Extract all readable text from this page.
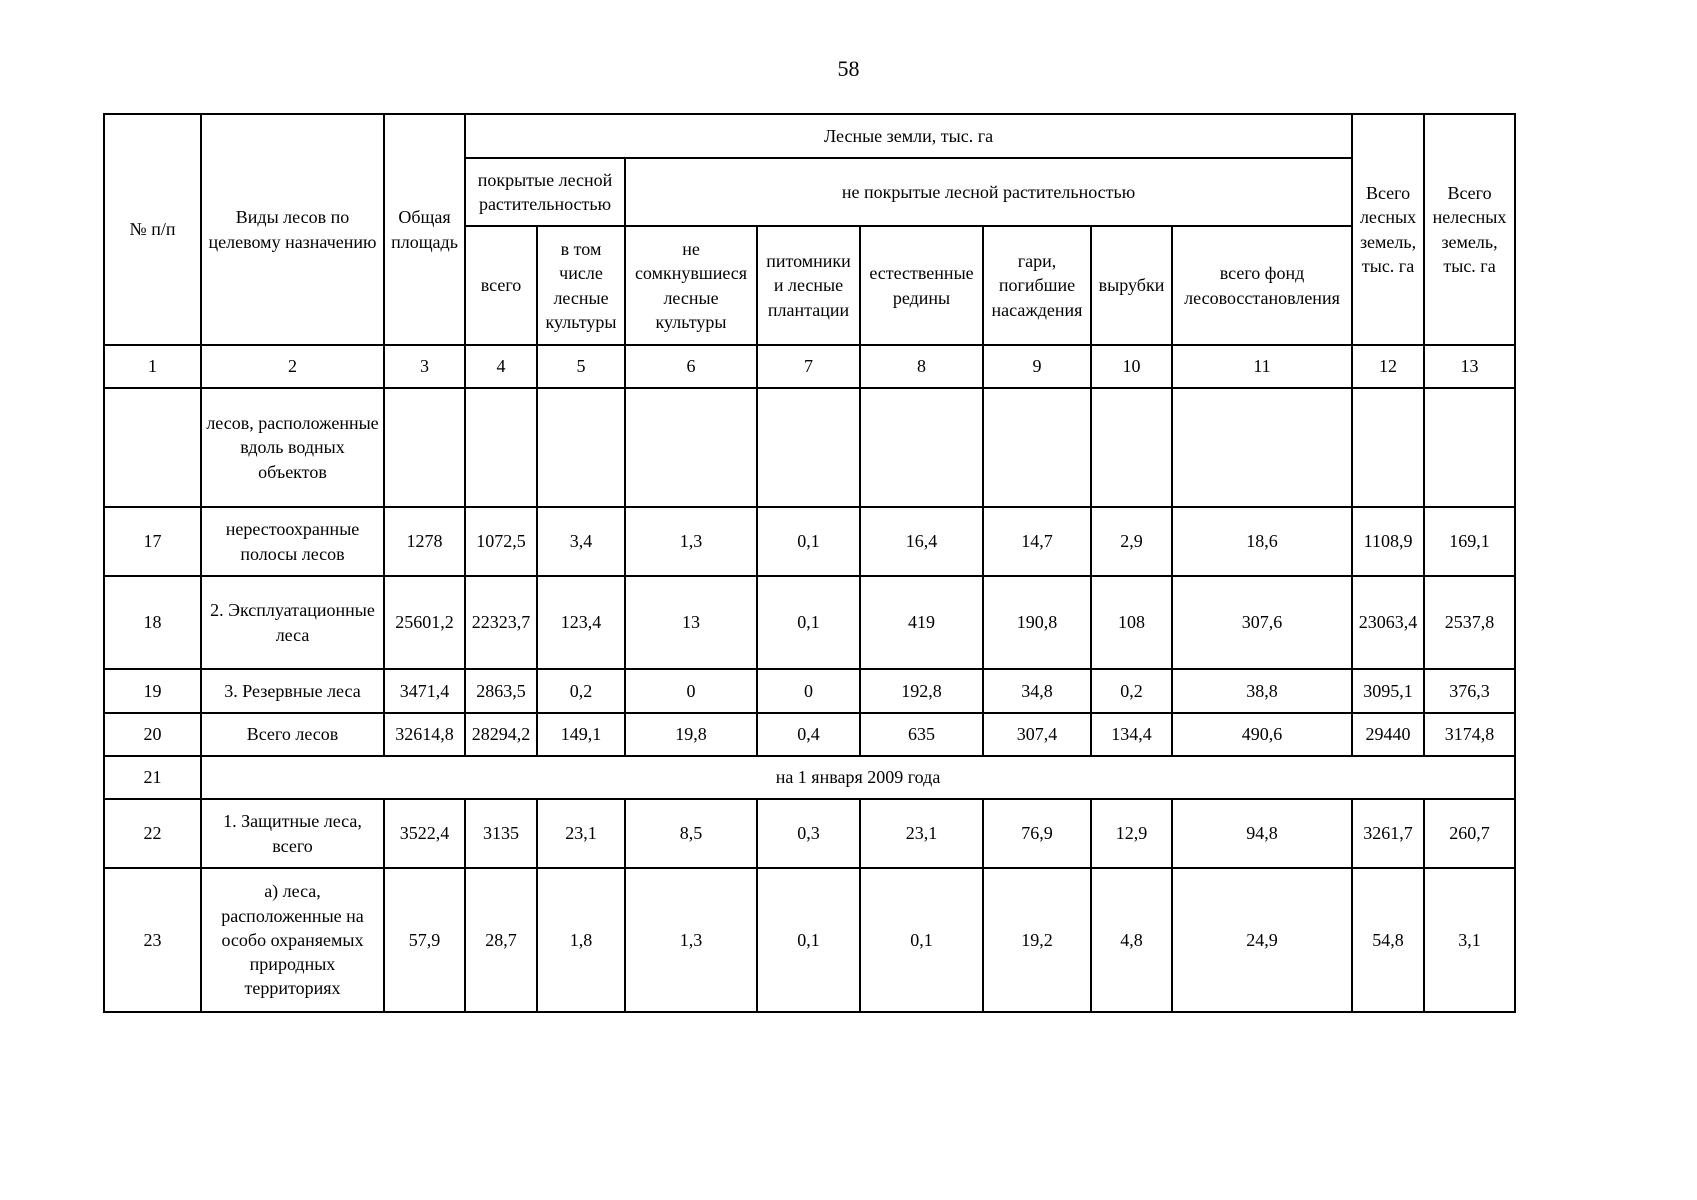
58
№ п/п	Виды лесов по целевому назначению	Общая площадь	Лесные земли, тыс. га								Всего лесных земель, тыс. га	Всего нелесных земель, тыс. га
			покрытые лесной растительностью		не покрытые лесной растительностью							
			всего	в том числе лесные культуры	не сомкнувшиеся лесные культуры	питомники и лесные плантации	естественные редины	гари, погибшие насаждения	вырубки	всего фонд лесовосстановления		
1	2	3	4	5	6	7	8	9	10	11	12	13
	лесов, расположенные вдоль водных объектов											
17	нерестоохранные полосы лесов	1278	1072,5	3,4	1,3	0,1	16,4	14,7	2,9	18,6	1108,9	169,1
18	2. Эксплуатационные леса	25601,2	22323,7	123,4	13	0,1	419	190,8	108	307,6	23063,4	2537,8
19	3. Резервные леса	3471,4	2863,5	0,2	0	0	192,8	34,8	0,2	38,8	3095,1	376,3
20	Всего лесов	32614,8	28294,2	149,1	19,8	0,4	635	307,4	134,4	490,6	29440	3174,8
21	на 1 января 2009 года											
22	1. Защитные леса, всего	3522,4	3135	23,1	8,5	0,3	23,1	76,9	12,9	94,8	3261,7	260,7
23	а) леса, расположенные на особо охраняемых природных территориях	57,9	28,7	1,8	1,3	0,1	0,1	19,2	4,8	24,9	54,8	3,1
